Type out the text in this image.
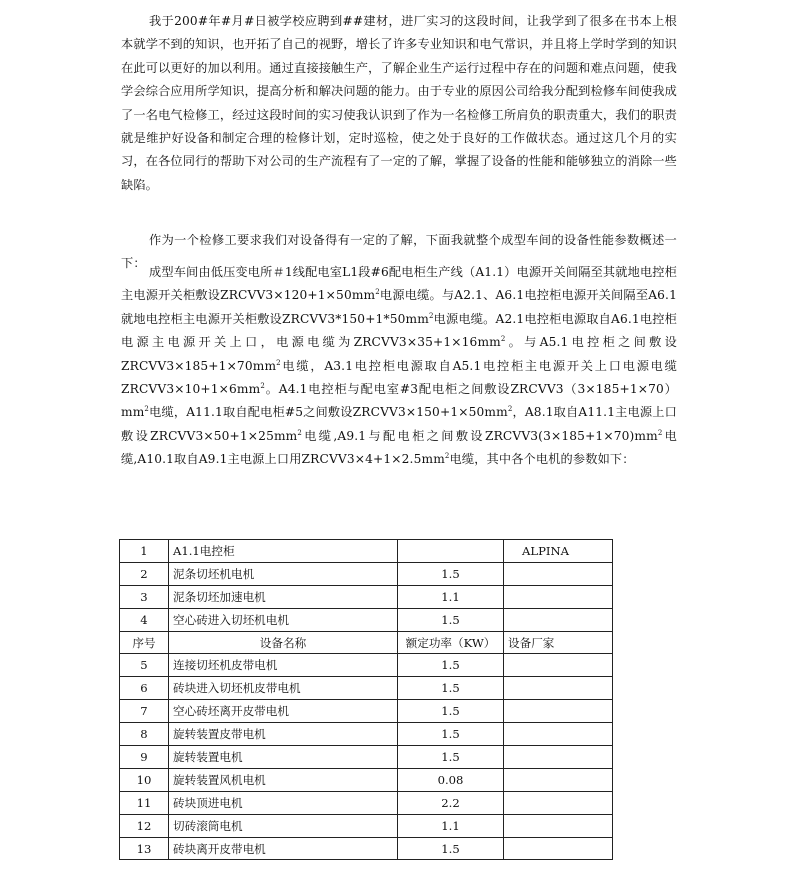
我于200#年#月#日被学校应聘到##建材，进厂实习的这段时间，让我学到了很多在书本上根本就学不到的知识，也开拓了自己的视野，增长了许多专业知识和电气常识，并且将上学时学到的知识在此可以更好的加以利用。通过直接接触生产，了解企业生产运行过程中存在的问题和难点问题，使我学会综合应用所学知识，提高分析和解决问题的能力。由于专业的原因公司给我分配到检修车间使我成了一名电气检修工，经过这段时间的实习使我认识到了作为一名检修工所肩负的职责重大，我们的职责就是维护好设备和制定合理的检修计划，定时巡检，使之处于良好的工作做状态。通过这几个月的实习，在各位同行的帮助下对公司的生产流程有了一定的了解，掌握了设备的性能和能够独立的消除一些缺陷。

作为一个检修工要求我们对设备得有一定的了解，下面我就整个成型车间的设备性能参数概述一下：

成型车间由低压变电所＃1线配电室L1段#6配电柜生产线（A1.1）电源开关间隔至其就地电控柜主电源开关柜敷设$ZRCVV3\times 120+1\times 50mm^2$电源电缆。与A2.1、A6.1电控柜电源开关间隔至A6.1就地电控柜主电源开关柜敷设$ZRCVV3*150+1*50mm^2$电源电缆。A2.1电控柜电源取自A6.1电控柜电源主电源开关上口，电源电缆为$ZRCVV3\times 35+1\times 16mm^2$。与A5.1电控柜之间敷设$ZRCVV3\times 185+1\times 70mm^2$电缆，A3.1电控柜电源取自A5.1电控柜主电源开关上口电源电缆$ZRCVV3\times 10+1\times 6mm^2$。A4.1电控柜与配电室#3配电柜之间敷设$ZRCVV3(3\times 185+1\times 70)mm^2$电缆，A11.1取自配电柜#5之间敷设$ZRCVV3\times 150+1\times 50mm^2$，A8.1取自A11.1主电源上口敷设$ZRCVV3\times 50+1\times 25mm^2$电缆,A9.1与配电柜之间敷设$ZRCVV3(3\times 185+1\times 70)mm^2$电缆,A10.1取自A9.1主电源上口用$ZRCVV3\times 4+1\times 2.5mm^2$电缆，其中各个电机的参数如下：

1	A1.1电控柜		ALPINA
2	泥条切坯机电机	1.5	
3	泥条切坯加速电机	1.1	
4	空心砖进入切坯机电机	1.5	
序号	设备名称	额定功率（KW）	设备厂家
5	连接切坯机皮带电机	1.5	
6	砖块进入切坯机皮带电机	1.5	
7	空心砖坯离开皮带电机	1.5	
8	旋转装置皮带电机	1.5	
9	旋转装置电机	1.5	
10	旋转装置风机电机	0.08	
11	砖块顶进电机	2.2	
12	切砖滚筒电机	1.1	
13	砖块离开皮带电机	1.5	
